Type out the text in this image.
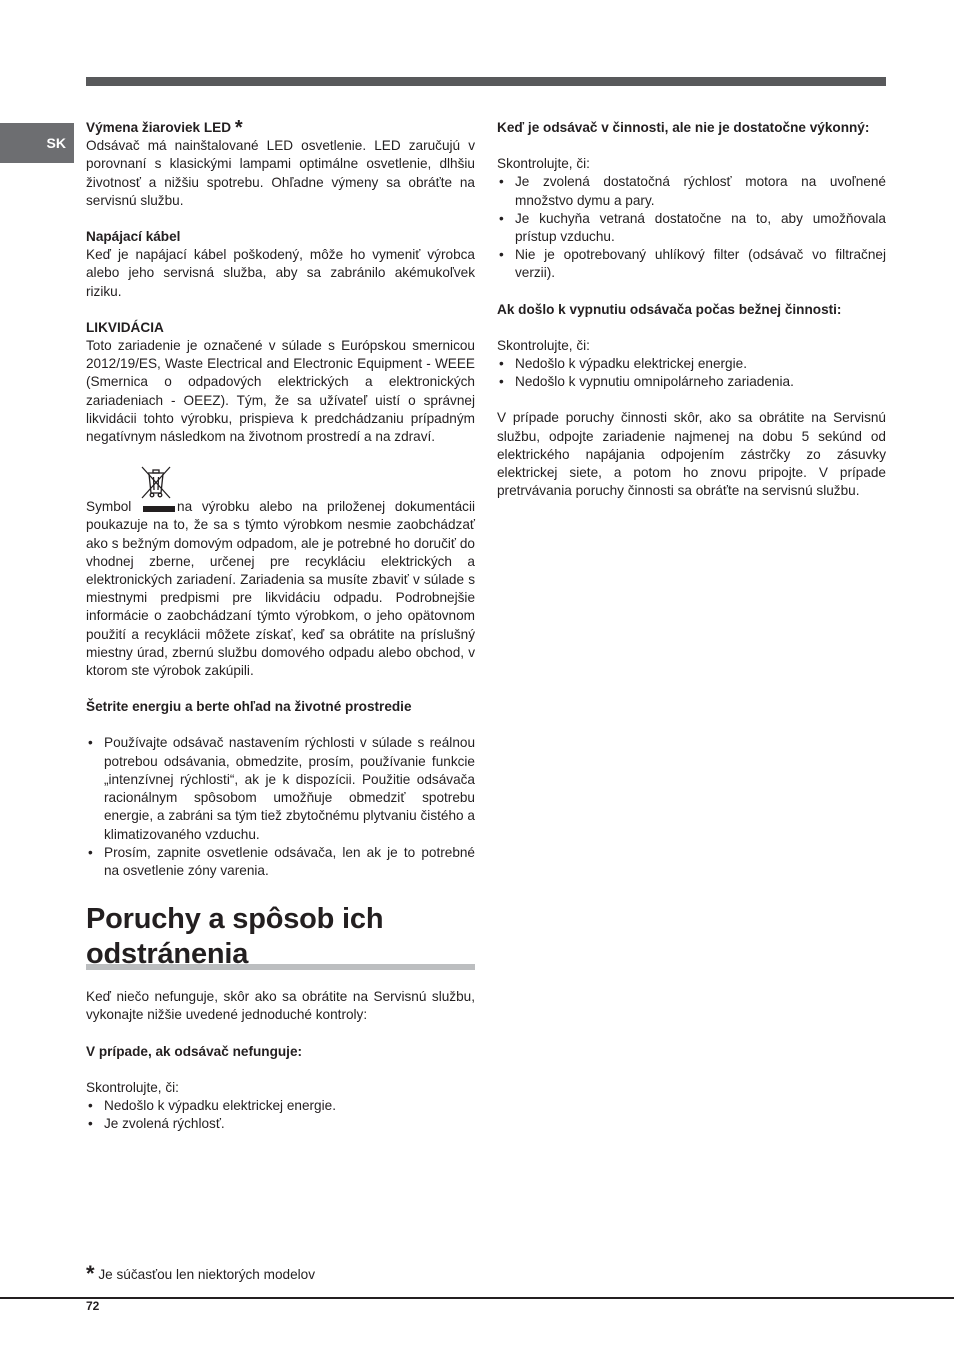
SK

Výmena žiaroviek LED *

Odsávač má nainštalované LED osvetlenie. LED zaručujú v porovnaní s klasickými lampami optimálne osvetlenie, dlhšiu životnosť a nižšiu spotrebu. Ohľadne výmeny sa obráťte na servisnú službu.

Napájací kábel

Keď je napájací kábel poškodený, môže ho vymeniť výrobca alebo jeho servisná služba, aby sa zabránilo akémukoľvek riziku.

LIKVIDÁCIA

Toto zariadenie je označené v súlade s Európskou smernicou 2012/19/ES, Waste Electrical and Electronic Equipment - WEEE (Smernica o odpadových elektrických a elektronických zariadeniach - OEEZ). Tým, že sa užívateľ uistí o správnej likvidácii tohto výrobku, prispieva k predchádzaniu prípadným negatívnym následkom na životnom prostredí a na zdraví.

Symbol	na výrobku alebo na priloženej dokumentácii poukazuje na to, že sa s týmto výrobkom nesmie zaobchádzať ako s bežným domovým odpadom, ale je potrebné ho doručiť do vhodnej zberne, určenej pre recykláciu elektrických a elektronických zariadení. Zariadenia sa musíte zbaviť v súlade s miestnymi predpismi pre likvidáciu odpadu. Podrobnejšie informácie o zaobchádzaní týmto výrobkom, o jeho opätovnom použití a recyklácii môžete získať, keď sa obrátite na príslušný miestny úrad, zbernú službu domového odpadu alebo obchod, v ktorom ste výrobok zakúpili.

Šetrite energiu a berte ohľad na životné prostredie

• Používajte odsávač nastavením rýchlosti v súlade s reálnou potrebou odsávania, obmedzite, prosím, používanie funkcie „intenzívnej rýchlosti“, ak je k dispozícii. Použitie odsávača racionálnym spôsobom umožňuje obmedziť spotrebu energie, a zabráni sa tým tiež zbytočnému plytvaniu čistého a klimatizovaného vzduchu.
• Prosím, zapnite osvetlenie odsávača, len ak je to potrebné na osvetlenie zóny varenia.
Poruchy a spôsob ich odstránenia

Keď niečo nefunguje, skôr ako sa obrátite na Servisnú službu, vykonajte nižšie uvedené jednoduché kontroly:

V prípade, ak odsávač nefunguje:

Skontrolujte, či:

• Nedošlo k výpadku elektrickej energie.
• Je zvolená rýchlosť.

Keď je odsávač v činnosti, ale nie je dostatočne výkonný:

Skontrolujte, či:

• Je zvolená dostatočná rýchlosť motora na uvoľnené množstvo dymu a pary.
• Je kuchyňa vetraná dostatočne na to, aby umožňovala prístup vzduchu.
• Nie je opotrebovaný uhlíkový filter (odsávač vo filtračnej verzii).

Ak došlo k vypnutiu odsávača počas bežnej činnosti:

Skontrolujte, či:

• Nedošlo k výpadku elektrickej energie.
• Nedošlo k vypnutiu omnipolárneho zariadenia.

V prípade poruchy činnosti skôr, ako sa obrátite na Servisnú službu, odpojte zariadenie najmenej na dobu 5 sekúnd od elektrického napájania odpojením zástrčky zo zásuvky elektrickej siete, a potom ho znovu pripojte. V prípade pretrvávania poruchy činnosti sa obráťte na servisnú službu.

* Je súčasťou len niektorých modelov
72
